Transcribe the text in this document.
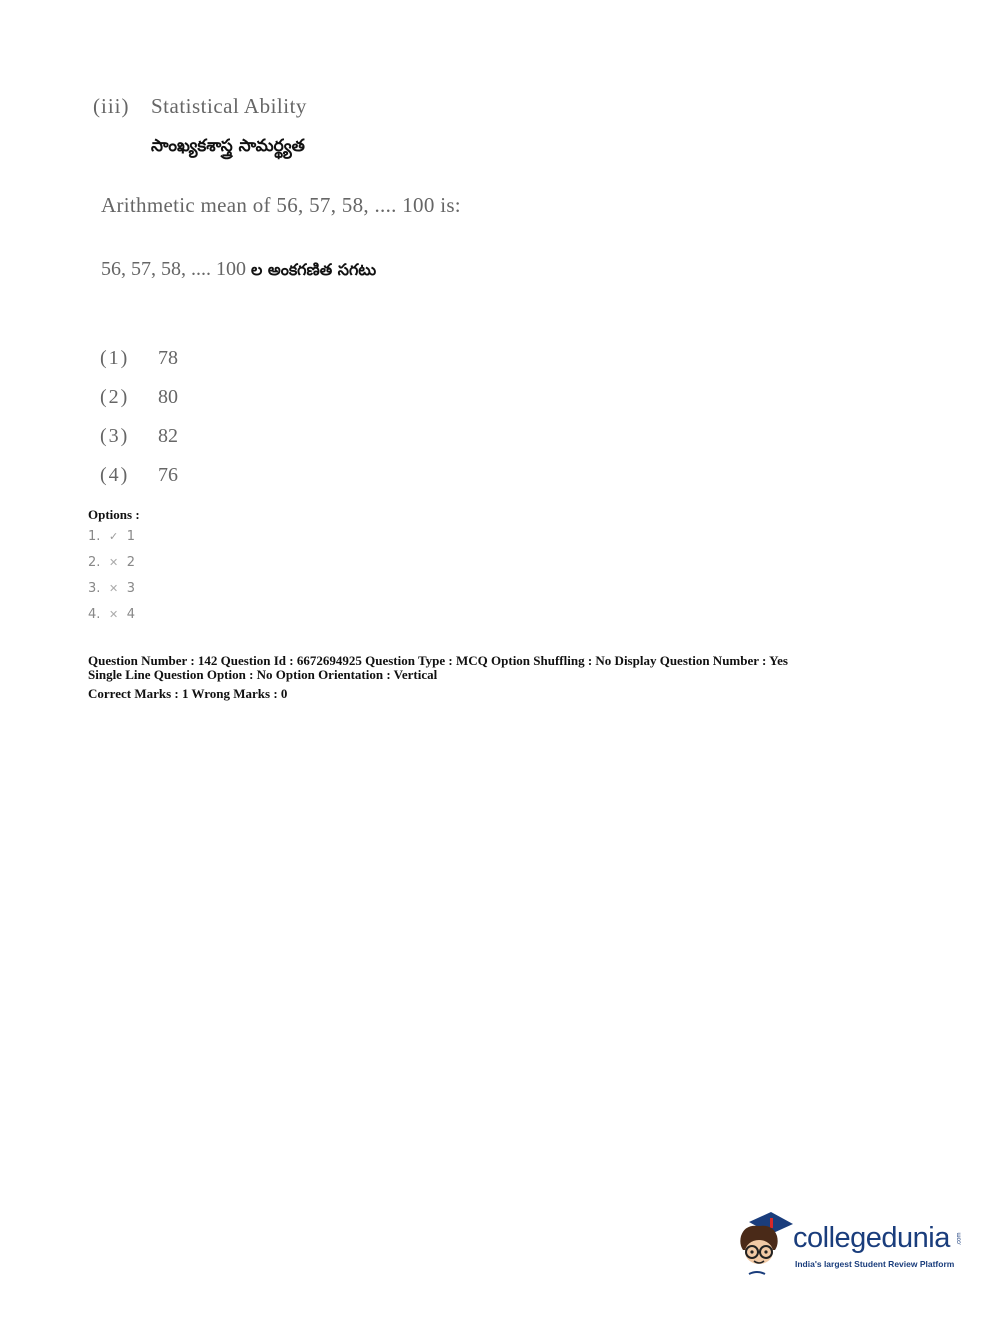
(iii) Statistical Ability
సాంఖ్యకశాస్త్ర సామర్థ్యత
Arithmetic mean of 56, 57, 58, .... 100 is:
56, 57, 58, .... 100 ల అంకగణిత సగటు
(1) 78
(2) 80
(3) 82
(4) 76
Options :
1. ✓ 1
2. ✕ 2
3. ✕ 3
4. ✕ 4
Question Number : 142 Question Id : 6672694925 Question Type : MCQ Option Shuffling : No Display Question Number : Yes
Single Line Question Option : No Option Orientation : Vertical
Correct Marks : 1 Wrong Marks : 0
collegedunia .com
India's largest Student Review Platform
